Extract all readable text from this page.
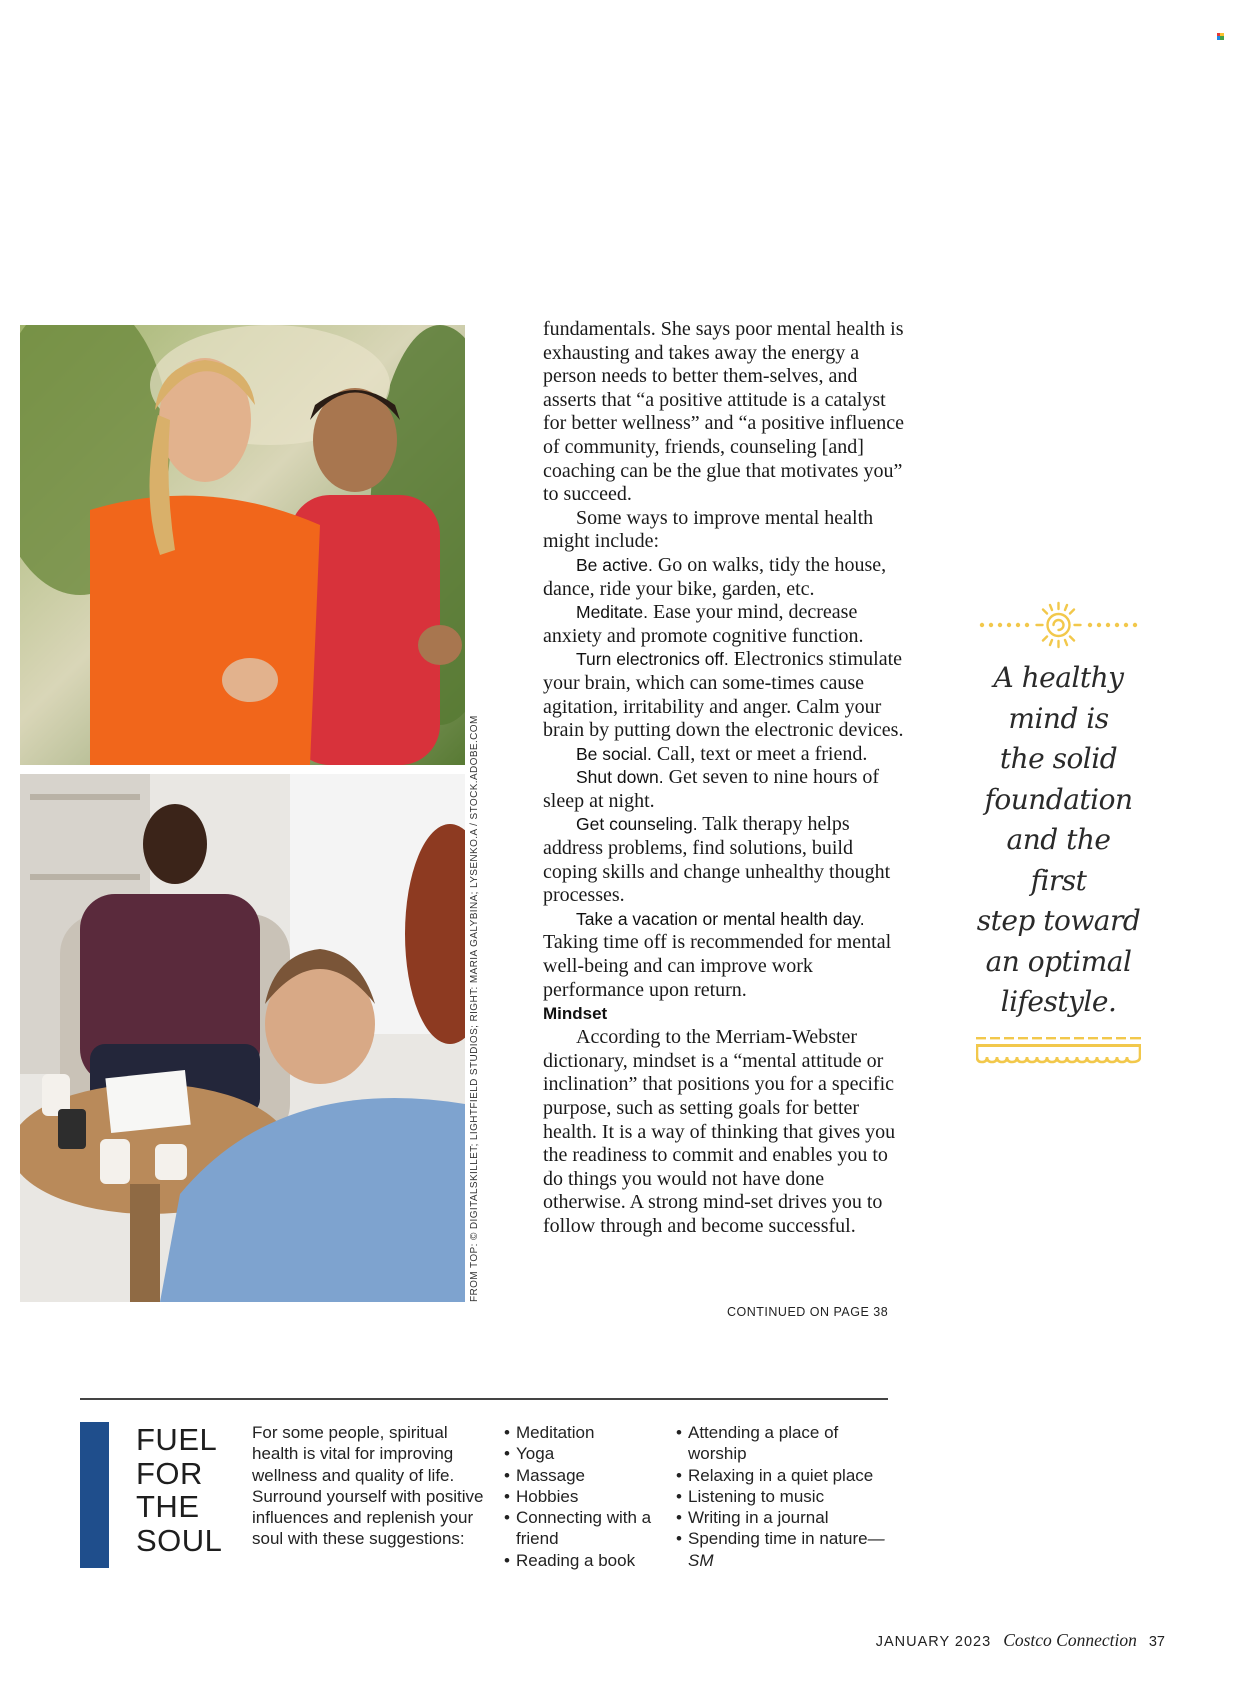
FROM TOP: © DIGITALSKILLET; LIGHTFIELD STUDIOS; RIGHT: MARIA GALYBINA; LYSENKO.A / STOCK.ADOBE.COM

fundamentals. She says poor mental health is exhausting and takes away the energy a person needs to better them-selves, and asserts that “a positive attitude is a catalyst for better wellness” and “a positive influence of community, friends, counseling [and] coaching can be the glue that motivates you” to succeed.

Some ways to improve mental health might include:

Be active. Go on walks, tidy the house, dance, ride your bike, garden, etc.

Meditate. Ease your mind, decrease anxiety and promote cognitive function.

Turn electronics off. Electronics stimulate your brain, which can some-times cause agitation, irritability and anger. Calm your brain by putting down the electronic devices.

Be social. Call, text or meet a friend.

Shut down. Get seven to nine hours of sleep at night.

Get counseling. Talk therapy helps address problems, find solutions, build coping skills and change unhealthy thought processes.

Take a vacation or mental health day. Taking time off is recommended for mental well-being and can improve work performance upon return.

Mindset

According to the Merriam-Webster dictionary, mindset is a “mental attitude or inclination” that positions you for a specific purpose, such as setting goals for better health. It is a way of thinking that gives you the readiness to commit and enables you to do things you would not have done otherwise. A strong mind-set drives you to follow through and become successful.

CONTINUED ON PAGE 38
A healthy
mind is
the solid
foundation
and the first
step toward
an optimal
lifestyle.
FUEL
FOR
THE
SOUL

For some people, spiritual health is vital for improving wellness and quality of life. Surround yourself with positive influences and replenish your soul with these suggestions:

• Meditation
• Yoga
• Massage
• Hobbies
• Connecting with a friend
• Reading a book
• Attending a place of worship
• Relaxing in a quiet place
• Listening to music
• Writing in a journal
• Spending time in nature—SM
JANUARY 2023 Costco Connection 37
